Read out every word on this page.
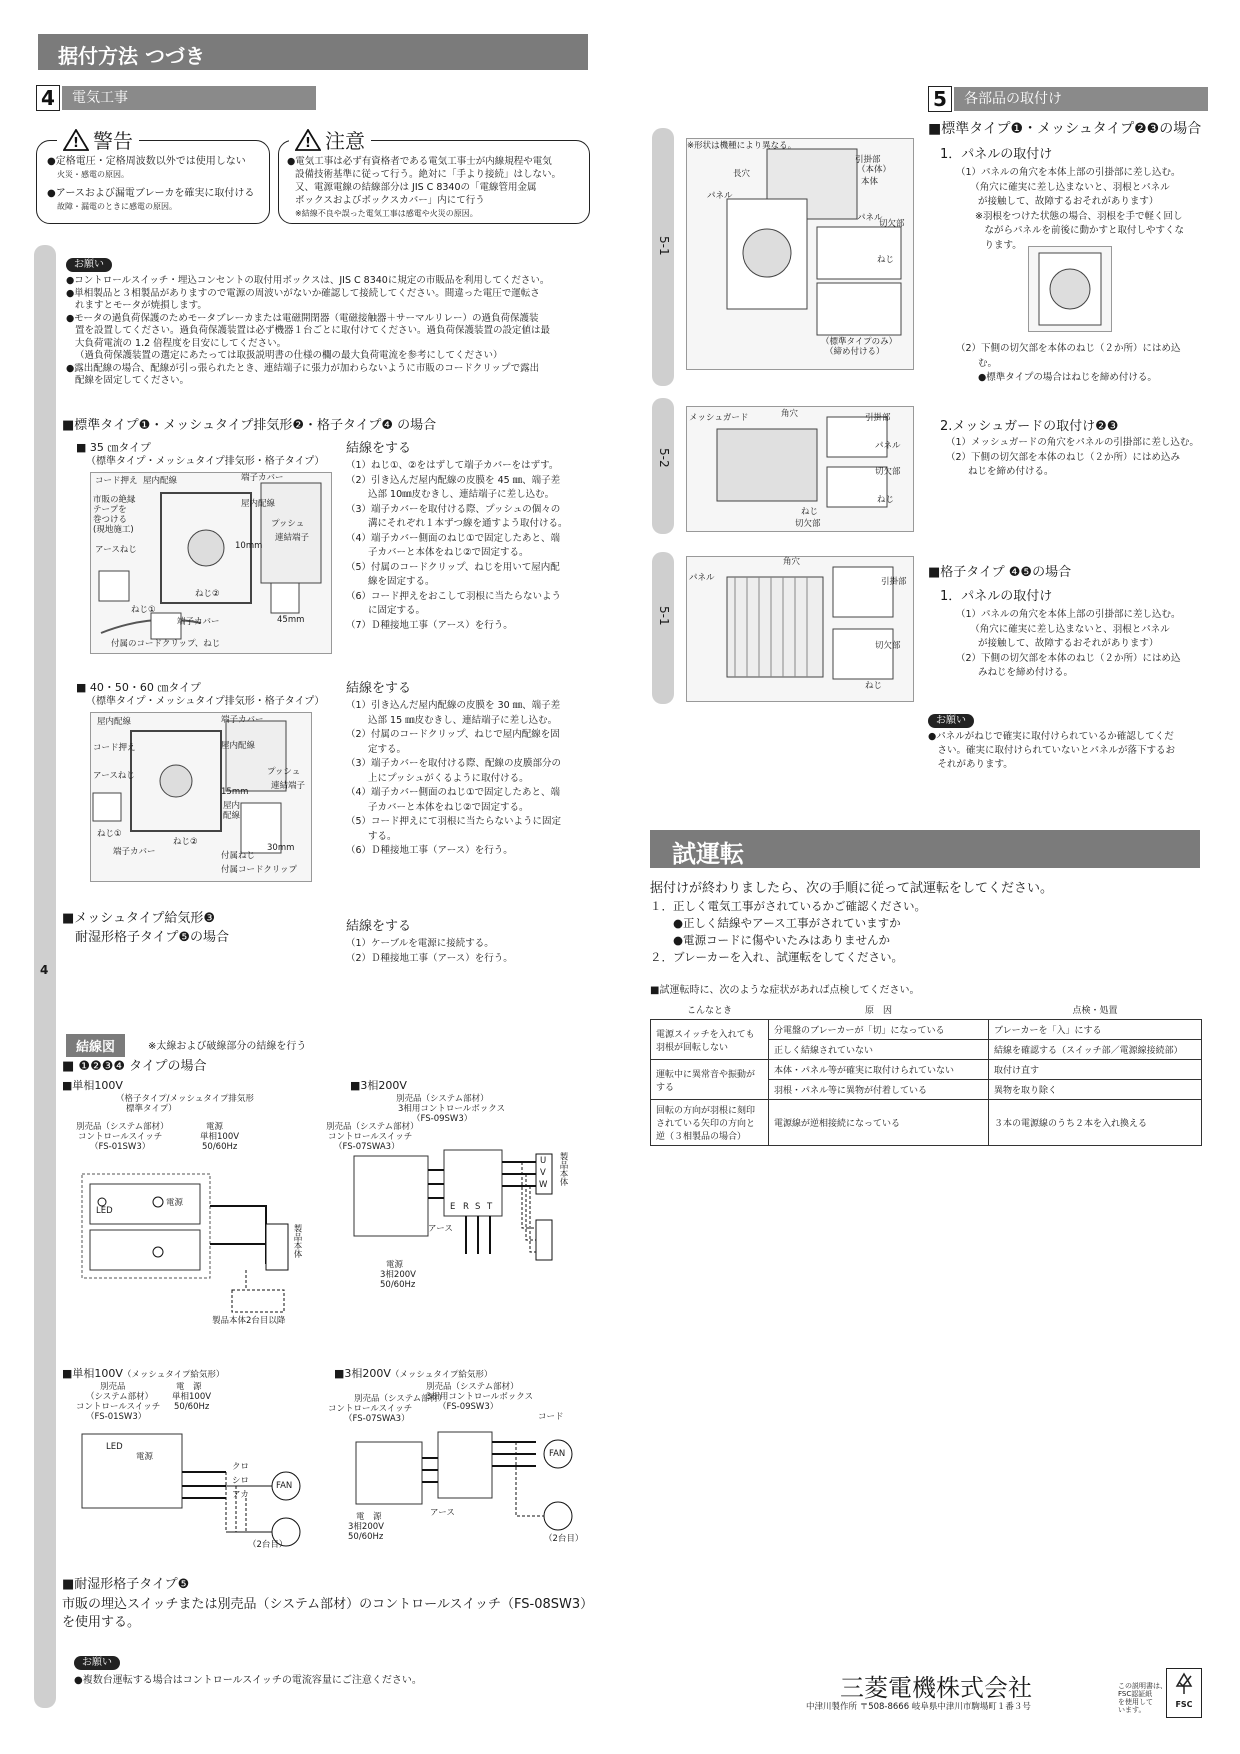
据付方法 つづき
4	電気工事
! 警告
●定格電圧・定格周波数以外では使用しない
火災・感電の原因。
●アースおよび漏電ブレーカを確実に取付ける
故障・漏電のときに感電の原因。
! 注意
●電気工事は必ず有資格者である電気工事士が内線規程や電気
設備技術基準に従って行う。絶対に「手より接続」はしない。
又、電源電線の結線部分は JIS C 8340の「電線管用金属
ボックスおよびボックスカバー」内にて行う
※結線不良や誤った電気工事は感電や火災の原因。
4
お願い
●コントロールスイッチ・埋込コンセントの取付用ボックスは、JIS C 8340に規定の市販品を利用してください。
●単相製品と３相製品がありますので電源の周波いがないか確認して接続してください。間違った電圧で運転さ
れますとモータが焼損します。
●モータの過負荷保護のためモータブレーカまたは電磁開閉器（電磁接触器＋サーマルリレー）の過負荷保護装
置を設置してください。過負荷保護装置は必ず機器１台ごとに取付けてください。過負荷保護装置の設定値は最
大負荷電流の 1.2 倍程度を目安にしてください。
（過負荷保護装置の選定にあたっては取扱説明書の仕様の欄の最大負荷電流を参考にしてください）
●露出配線の場合、配線が引っ張られたとき、連結端子に張力が加わらないように市販のコードクリップで露出
配線を固定してください。
■標準タイプ❶・メッシュタイプ排気形❷・格子タイプ❹ の場合
■ 35 ㎝タイプ
（標準タイプ・メッシュタイプ排気形・格子タイプ）
コード押え 屋内配線
市販の絶縁
テープを
巻つける
(現地施工)
アースねじ
端子カバー
屋内配線
プッシュ
連結端子
10mm
ねじ①
ねじ②
端子カバー	45mm
付属のコードクリップ、ねじ
結線をする
（1）ねじ①、②をはずして端子カバーをはずす。
（2）引き込んだ屋内配線の皮膜を 45 ㎜、端子差
　　 込部 10㎜皮むきし、連結端子に差し込む。
（3）端子カバーを取付ける際、プッシュの個々の
　　 溝にそれぞれ１本ずつ線を通すよう取付ける。
（4）端子カバー側面のねじ①で固定したあと、端
　　 子カバーと本体をねじ②で固定する。
（5）付属のコードクリップ、ねじを用いて屋内配
　　 線を固定する。
（6）コード押えをおこして羽根に当たらないよう
　　 に固定する。
（7）Ｄ種接地工事（アース）を行う。
■ 40・50・60 ㎝タイプ
（標準タイプ・メッシュタイプ排気形・格子タイプ）
端子カバー
屋内配線
コード押え	屋内配線
プッシュ
アースねじ
連結端子
15mm
屋内
配線
ねじ①
ねじ②
端子カバー	30mm
付属ねじ
付属コードクリップ
結線をする
（1）引き込んだ屋内配線の皮膜を 30 ㎜、端子差
　　 込部 15 ㎜皮むきし、連結端子に差し込む。
（2）付属のコードクリップ、ねじで屋内配線を固
　　 定する。
（3）端子カバーを取付ける際、配線の皮膜部分の
　　 上にプッシュがくるように取付ける。
（4）端子カバー側面のねじ①で固定したあと、端
　　 子カバーと本体をねじ②で固定する。
（5）コード押えにて羽根に当たらないように固定
　　 する。
（6）Ｄ種接地工事（アース）を行う。
■メッシュタイプ給気形❸
　耐湿形格子タイプ❺の場合
結線をする
（1）ケーブルを電源に接続する。
（2）Ｄ種接地工事（アース）を行う。
結線図	※太線および破線部分の結線を行う
■ ❶❷❸❹ タイプの場合
■単相100V
（格子タイプ/メッシュタイプ排気形
標準タイプ）
別売品（システム部材）
コントロールスイッチ
（FS-01SW3）
電源
単相100V
50/60Hz
LED
電源
製品本体
製品本体2台目以降
■3相200V
別売品（システム部材）
3相用コントロールボックス
（FS-09SW3）
別売品（システム部材）
コントロールスイッチ
（FS-07SWA3）
アース
電源
3相200V
50/60Hz
製品本体
U
V
W
E R S T
■単相100V（メッシュタイプ給気形）
別売品
（システム部材）
コントロールスイッチ
（FS-01SW3）
電　源
単相100V
50/60Hz
LED
電源
クロ
シロ
アカ
FAN
（2台目）
■3相200V（メッシュタイプ給気形）
別売品（システム部材）
3相用コントロールボックス
（FS-09SW3）
別売品（システム部材）
コントロールスイッチ
（FS-07SWA3）	コード
FAN
アース
電　源
3相200V
50/60Hz	（2台目）
■耐湿形格子タイプ❺
市販の埋込スイッチまたは別売品（システム部材）のコントロールスイッチ（FS-08SW3）
を使用する。
お願い
●複数台運転する場合はコントロールスイッチの電流容量にご注意ください。
5	各部品の取付け
5-1
5-2
5-1
※形状は機種により異なる。
引掛部
（本体）
本体
長穴
パネル
パネル
切欠部
ねじ
（標準タイプのみ）
（締め付ける）
■標準タイプ❶・メッシュタイプ❷❸の場合
1．パネルの取付け
（1）パネルの角穴を本体上部の引掛部に差し込む。
　　（角穴に確実に差し込まないと、羽根とパネル
　　 が接触して、故障するおそれがあります）
　　※羽根をつけた状態の場合、羽根を手で軽く回し
　　　ながらパネルを前後に動かすと取付しやすくな
　　　ります。
（2）下側の切欠部を本体のねじ（２か所）にはめ込
　　 む。
　　 ●標準タイプの場合はねじを締め付ける。
メッシュガード	角穴	引掛部
パネル
切欠部
ねじ
ねじ
切欠部
2.メッシュガードの取付け❷❸
（1）メッシュガードの角穴をパネルの引掛部に差し込む。
（2）下側の切欠部を本体のねじ（２か所）にはめ込み
　　 ねじを締め付ける。
角穴
パネル	引掛部
切欠部
ねじ
■格子タイプ ❹❺の場合
1．パネルの取付け
（1）パネルの角穴を本体上部の引掛部に差し込む。
　　（角穴に確実に差し込まないと、羽根とパネル
　　 が接触して、故障するおそれがあります）
（2）下側の切欠部を本体のねじ（２か所）にはめ込
　　 みねじを締め付ける。
お願い
●パネルがねじで確実に取付けられているか確認してくだ
　さい。確実に取付けられていないとパネルが落下するお
　それがあります。
試運転
据付けが終わりましたら、次の手順に従って試運転をしてください。
１．正しく電気工事がされているかご確認ください。
　　●正しく結線やアース工事がされていますか
　　●電源コードに傷やいたみはありませんか
２．ブレーカーを入れ、試運転をしてください。
■試運転時に、次のような症状があれば点検してください。
こんなとき	原　因	点検・処置
電源スイッチを入れても羽根が回転しない	分電盤のブレーカーが「切」になっている	ブレーカーを「入」にする
	正しく結線されていない	結線を確認する（スイッチ部／電源線接続部）
運転中に異常音や振動がする	本体・パネル等が確実に取付けられていない	取付け直す
	羽根・パネル等に異物が付着している	異物を取り除く
回転の方向が羽根に刻印されている矢印の方向と逆（３相製品の場合）	電源線が逆相接続になっている	３本の電源線のうち２本を入れ換える
三菱電機株式会社
中津川製作所 〒508-8666 岐阜県中津川市駒場町１番３号
この説明書は、
FSC認証紙
を使用して
います。
FSC
